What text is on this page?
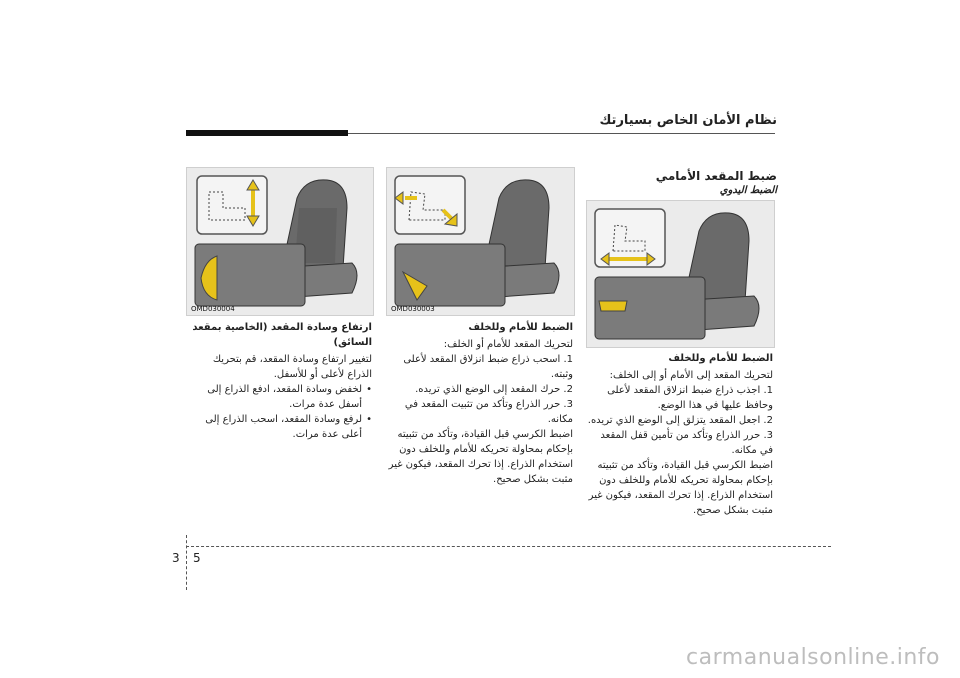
نظام الأمان الخاص بسيارتك
ضبط المقعد الأمامي
الضبط اليدوي
OMD030004	OMD030003

ارتفاع وسادة المقعد (الخاصية بمقعد السائق)

لتغيير ارتفاع وسادة المقعد، قم بتحريك الذراع لأعلى أو للأسفل.

• لخفض وسادة المقعد، ادفع الذراع إلى أسفل عدة مرات.
• لرفع وسادة المقعد، اسحب الذراع إلى أعلى عدة مرات.

الضبط للأمام وللخلف

لتحريك المقعد للأمام أو الخلف:

1. اسحب ذراع ضبط انزلاق المقعد لأعلى وثبته.

2. حرك المقعد إلى الوضع الذي تريده.

3. حرر الذراع وتأكد من تثبيت المقعد في مكانه.

اضبط الكرسي قبل القيادة، وتأكد من تثبيته بإحكام بمحاولة تحريكه للأمام وللخلف دون استخدام الذراع. إذا تحرك المقعد، فيكون غير مثبت بشكل صحيح.

الضبط للأمام وللخلف

لتحريك المقعد إلى الأمام أو إلى الخلف:

1. اجذب ذراع ضبط انزلاق المقعد لأعلى وحافظ عليها في هذا الوضع.

2. اجعل المقعد يتزلق إلى الوضع الذي تريده.

3. حرر الذراع وتأكد من تأمين قفل المقعد في مكانه.

اضبط الكرسي قبل القيادة، وتأكد من تثبيته بإحكام بمحاولة تحريكه للأمام وللخلف دون استخدام الذراع. إذا تحرك المقعد، فيكون غير مثبت بشكل صحيح.

3 5
carmanualsonline.info
